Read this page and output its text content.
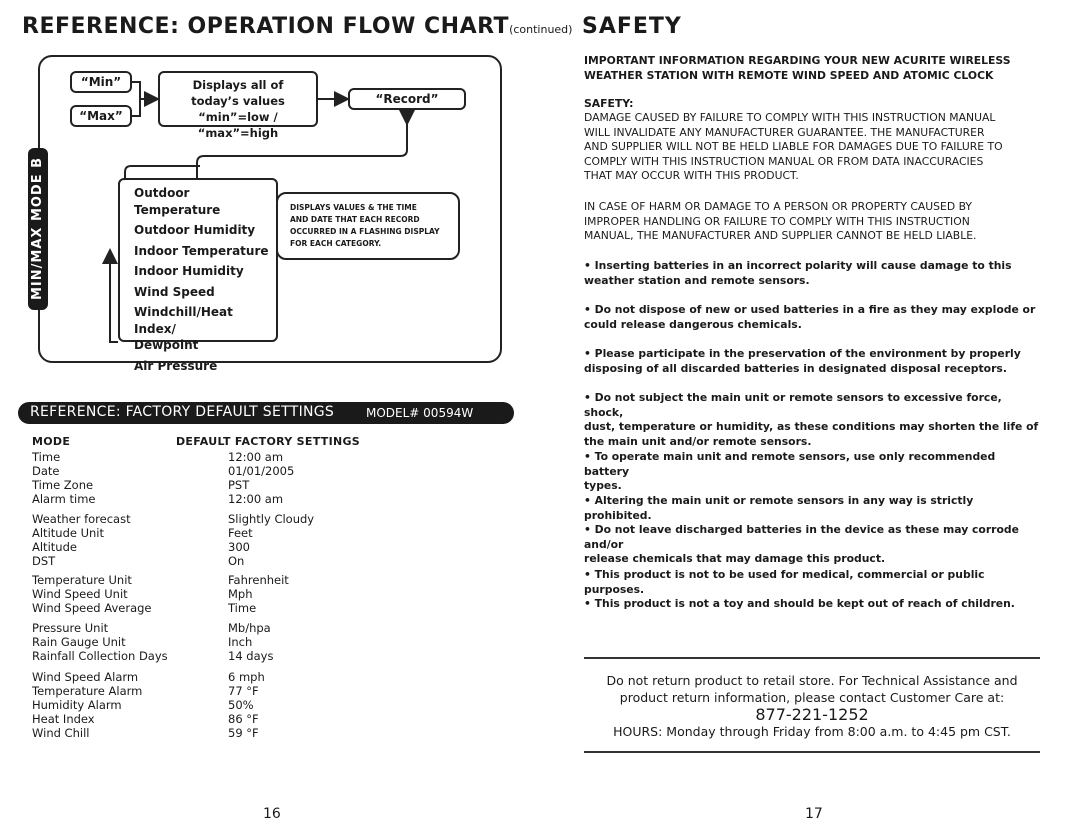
REFERENCE: OPERATION FLOW CHART(continued)
MIN/MAX MODE B
“Min”
“Max”
Displays all of
today’s values
“min”=low / “max”=high
“Record”
Outdoor Temperature
Outdoor Humidity
Indoor Temperature
Indoor Humidity
Wind Speed
Windchill/Heat Index/
Dewpoint
Air Pressure
DISPLAYS VALUES & THE TIME
AND DATE THAT EACH RECORD
OCCURRED IN A FLASHING DISPLAY
FOR EACH CATEGORY.
REFERENCE: FACTORY DEFAULT SETTINGS	MODEL# 00594W
MODE	DEFAULT FACTORY SETTINGS
Time	12:00 am
Date	01/01/2005
Time Zone	PST
Alarm time	12:00 am
Weather forecast	Slightly Cloudy
Altitude Unit	Feet
Altitude	300
DST	On
Temperature Unit	Fahrenheit
Wind Speed Unit	Mph
Wind Speed Average	Time
Pressure Unit	Mb/hpa
Rain Gauge Unit	Inch
Rainfall Collection Days	14 days
Wind Speed Alarm	6 mph
Temperature Alarm	77 °F
Humidity Alarm	50%
Heat Index	86 °F
Wind Chill	59 °F
16
SAFETY
IMPORTANT INFORMATION REGARDING YOUR NEW ACURITE WIRELESS
WEATHER STATION WITH REMOTE WIND SPEED AND ATOMIC CLOCK
SAFETY:
DAMAGE CAUSED BY FAILURE TO COMPLY WITH THIS INSTRUCTION MANUAL
WILL INVALIDATE ANY MANUFACTURER GUARANTEE. THE MANUFACTURER
AND SUPPLIER WILL NOT BE HELD LIABLE FOR DAMAGES DUE TO FAILURE TO
COMPLY WITH THIS INSTRUCTION MANUAL OR FROM DATA INACCURACIES
THAT MAY OCCUR WITH THIS PRODUCT.
IN CASE OF HARM OR DAMAGE TO A PERSON OR PROPERTY CAUSED BY
IMPROPER HANDLING OR FAILURE TO COMPLY WITH THIS INSTRUCTION
MANUAL, THE MANUFACTURER AND SUPPLIER CANNOT BE HELD LIABLE.
• Inserting batteries in an incorrect polarity will cause damage to this
weather station and remote sensors.
• Do not dispose of new or used batteries in a fire as they may explode or
could release dangerous chemicals.
• Please participate in the preservation of the environment by properly
disposing of all discarded batteries in designated disposal receptors.
• Do not subject the main unit or remote sensors to excessive force, shock,
dust, temperature or humidity, as these conditions may shorten the life of
the main unit and/or remote sensors.
• To operate main unit and remote sensors, use only recommended battery
types.
• Altering the main unit or remote sensors in any way is strictly prohibited.
• Do not leave discharged batteries in the device as these may corrode and/or
release chemicals that may damage this product.
• This product is not to be used for medical, commercial or public purposes.
• This product is not a toy and should be kept out of reach of children.
Do not return product to retail store. For Technical Assistance and
product return information, please contact Customer Care at:
877-221-1252
HOURS: Monday through Friday from 8:00 a.m. to 4:45 pm CST.
17
